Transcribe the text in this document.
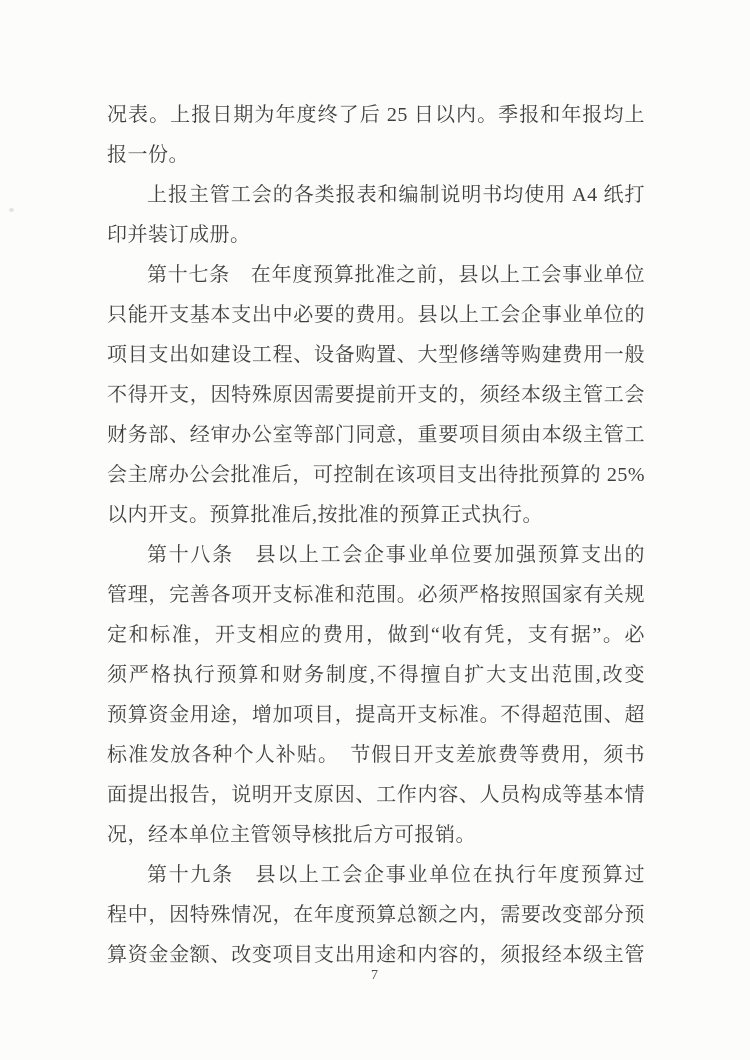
况表。上报日期为年度终了后 25 日以内。季报和年报均上
报一份。
上报主管工会的各类报表和编制说明书均使用 A4 纸打
印并装订成册。
第十七条　在年度预算批准之前，县以上工会事业单位
只能开支基本支出中必要的费用。县以上工会企事业单位的
项目支出如建设工程、设备购置、大型修缮等购建费用一般
不得开支，因特殊原因需要提前开支的，须经本级主管工会
财务部、经审办公室等部门同意，重要项目须由本级主管工
会主席办公会批准后，可控制在该项目支出待批预算的 25%
以内开支。预算批准后,按批准的预算正式执行。
第十八条　县以上工会企事业单位要加强预算支出的
管理，完善各项开支标准和范围。必须严格按照国家有关规
定和标准，开支相应的费用，做到“收有凭，支有据”。必
须严格执行预算和财务制度,不得擅自扩大支出范围,改变
预算资金用途，增加项目，提高开支标准。不得超范围、超
标准发放各种个人补贴。　节假日开支差旅费等费用，须书
面提出报告，说明开支原因、工作内容、人员构成等基本情
况，经本单位主管领导核批后方可报销。
第十九条　县以上工会企事业单位在执行年度预算过
程中，因特殊情况，在年度预算总额之内，需要改变部分预
算资金金额、改变项目支出用途和内容的，须报经本级主管
7
